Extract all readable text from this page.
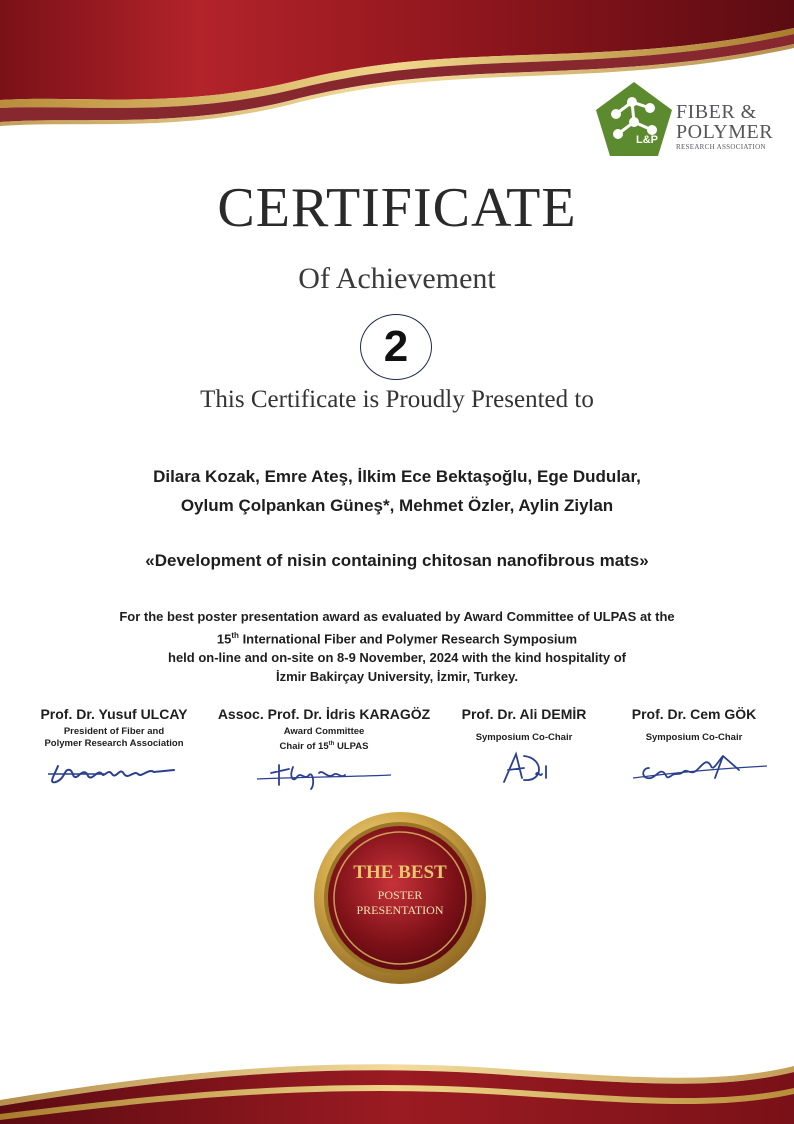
L&P
FIBER &
POLYMER
RESEARCH ASSOCIATION
CERTIFICATE
Of Achievement
2
This Certificate is Proudly Presented to
Dilara Kozak, Emre Ateş, İlkim Ece Bektaşoğlu, Ege Dudular,
Oylum Çolpankan Güneş*, Mehmet Özler, Aylin Ziylan
«Development of nisin containing chitosan nanofibrous mats»
For the best poster presentation award as evaluated by Award Committee of ULPAS at the
15th International Fiber and Polymer Research Symposium
held on-line and on-site on 8-9 November, 2024 with the kind hospitality of
İzmir Bakirçay University, İzmir, Turkey.
Prof. Dr. Yusuf ULCAY
President of Fiber and
Polymer Research Association
Assoc. Prof. Dr. İdris KARAGÖZ
Award Committee
Chair of 15th ULPAS
Prof. Dr. Ali DEMİR
Symposium Co-Chair
Prof. Dr. Cem GÖK
Symposium Co-Chair
THE BEST
POSTER
PRESENTATION
